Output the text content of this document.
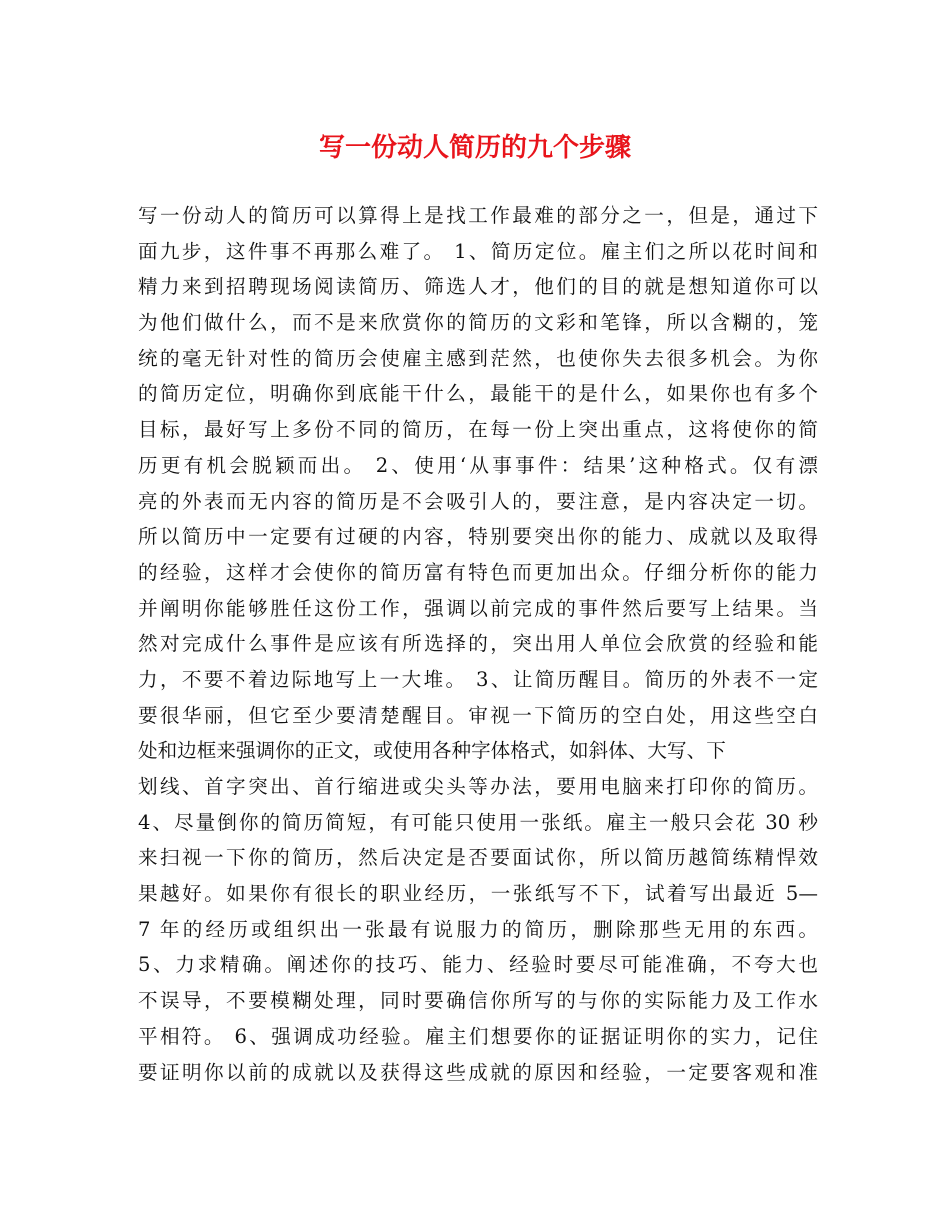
写一份动人简历的九个步骤
写一份动人的简历可以算得上是找工作最难的部分之一，但是，通过下
面九步，这件事不再那么难了。 1、简历定位。雇主们之所以花时间和
精力来到招聘现场阅读简历、筛选人才，他们的目的就是想知道你可以
为他们做什么，而不是来欣赏你的简历的文彩和笔锋，所以含糊的，笼
统的毫无针对性的简历会使雇主感到茫然，也使你失去很多机会。为你
的简历定位，明确你到底能干什么，最能干的是什么，如果你也有多个
目标，最好写上多份不同的简历，在每一份上突出重点，这将使你的简
历更有机会脱颖而出。 2、使用‘从事事件：结果’这种格式。仅有漂
亮的外表而无内容的简历是不会吸引人的，要注意，是内容决定一切。
所以简历中一定要有过硬的内容，特别要突出你的能力、成就以及取得
的经验，这样才会使你的简历富有特色而更加出众。仔细分析你的能力
并阐明你能够胜任这份工作，强调以前完成的事件然后要写上结果。当
然对完成什么事件是应该有所选择的，突出用人单位会欣赏的经验和能
力，不要不着边际地写上一大堆。 3、让简历醒目。简历的外表不一定
要很华丽，但它至少要清楚醒目。审视一下简历的空白处，用这些空白
处和边框来强调你的正文，或使用各种字体格式，如斜体、大写、下
划线、首字突出、首行缩进或尖头等办法，要用电脑来打印你的简历。
4、尽量倒你的简历简短，有可能只使用一张纸。雇主一般只会花 30 秒
来扫视一下你的简历，然后决定是否要面试你，所以简历越简练精悍效
果越好。如果你有很长的职业经历，一张纸写不下，试着写出最近 5—
7 年的经历或组织出一张最有说服力的简历，删除那些无用的东西。
5、力求精确。阐述你的技巧、能力、经验时要尽可能准确，不夸大也
不误导，不要模糊处理，同时要确信你所写的与你的实际能力及工作水
平相符。 6、强调成功经验。雇主们想要你的证据证明你的实力，记住
要证明你以前的成就以及获得这些成就的原因和经验，一定要客观和准
